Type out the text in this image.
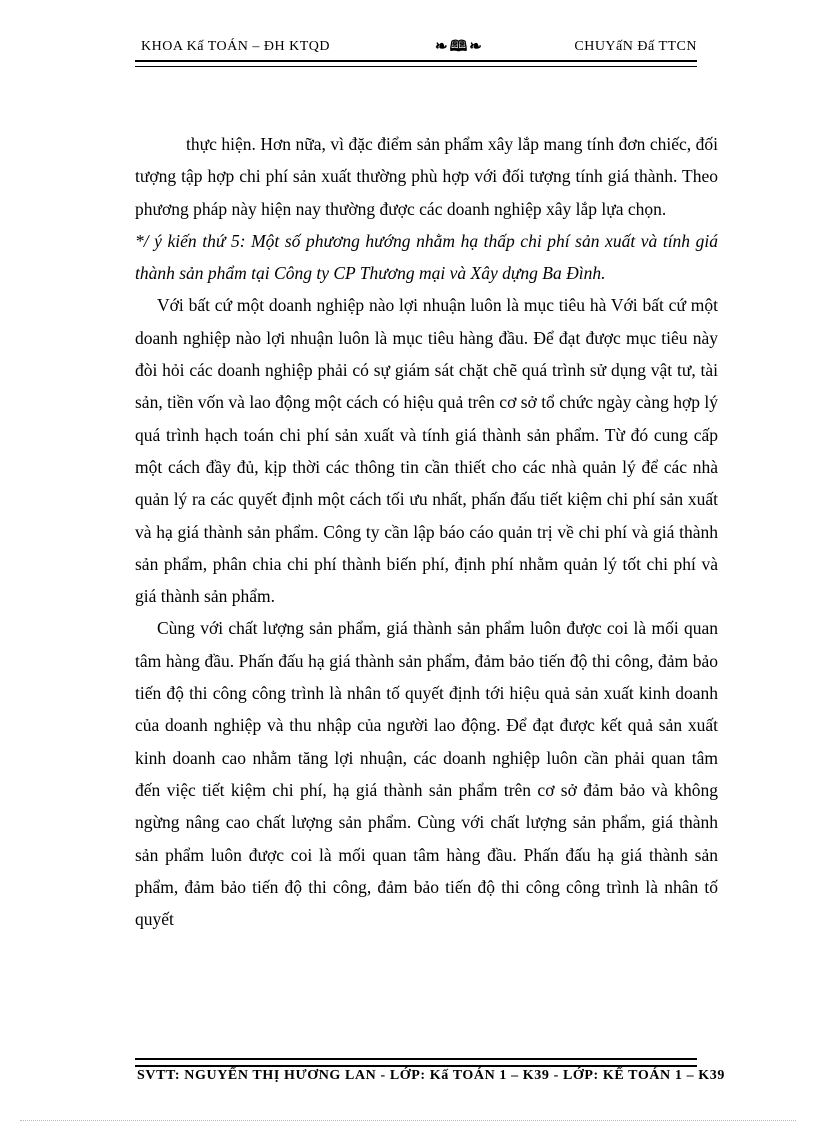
KHOA Kấ TOÁN – ĐH KTQD	❧🕮❧	CHUYấN Đấ TTCN

thực hiện. Hơn nữa, vì đặc điểm sản phẩm xây lắp mang tính đơn chiếc, đối tượng tập hợp chi phí sản xuất thường phù hợp với đối tượng tính giá thành. Theo phương pháp này hiện nay thường được các doanh nghiệp xây lắp lựa chọn.

*/ ý kiến thứ 5: Một số phương hướng nhằm hạ thấp chi phí sản xuất và tính giá thành sản phẩm tại Công ty CP Thương mại và Xây dựng Ba Đình.

Với bất cứ một doanh nghiệp nào lợi nhuận luôn là mục tiêu hà Với bất cứ một doanh nghiệp nào lợi nhuận luôn là mục tiêu hàng đầu. Để đạt được mục tiêu này đòi hỏi các doanh nghiệp phải có sự giám sát chặt chẽ quá trình sử dụng vật tư, tài sản, tiền vốn và lao động một cách có hiệu quả trên cơ sở tổ chức ngày càng hợp lý quá trình hạch toán chi phí sản xuất và tính giá thành sản phẩm. Từ đó cung cấp một cách đầy đủ, kịp thời các thông tin cần thiết cho các nhà quản lý để các nhà quản lý ra các quyết định một cách tối ưu nhất, phấn đấu tiết kiệm chi phí sản xuất và hạ giá thành sản phẩm. Công ty cần lập báo cáo quản trị về chi phí và giá thành sản phẩm, phân chia chi phí thành biến phí, định phí nhằm quản lý tốt chi phí và giá thành sản phẩm.

Cùng với chất lượng sản phẩm, giá thành sản phẩm luôn được coi là mối quan tâm hàng đầu. Phấn đấu hạ giá thành sản phẩm, đảm bảo tiến độ thi công, đảm bảo tiến độ thi công công trình là nhân tố quyết định tới hiệu quả sản xuất kinh doanh của doanh nghiệp và thu nhập của người lao động. Để đạt được kết quả sản xuất kinh doanh cao nhằm tăng lợi nhuận, các doanh nghiệp luôn cần phải quan tâm đến việc tiết kiệm chi phí, hạ giá thành sản phẩm trên cơ sở đảm bảo và không ngừng nâng cao chất lượng sản phẩm. Cùng với chất lượng sản phẩm, giá thành sản phẩm luôn được coi là mối quan tâm hàng đầu. Phấn đấu hạ giá thành sản phẩm, đảm bảo tiến độ thi công, đảm bảo tiến độ thi công công trình là nhân tố quyết

SVTT: NGUYẾN THỊ HƯƠNG LAN - LỚP: Kấ TOÁN 1 – K39 - LỚP: KẾ TOÁN 1 – K39
